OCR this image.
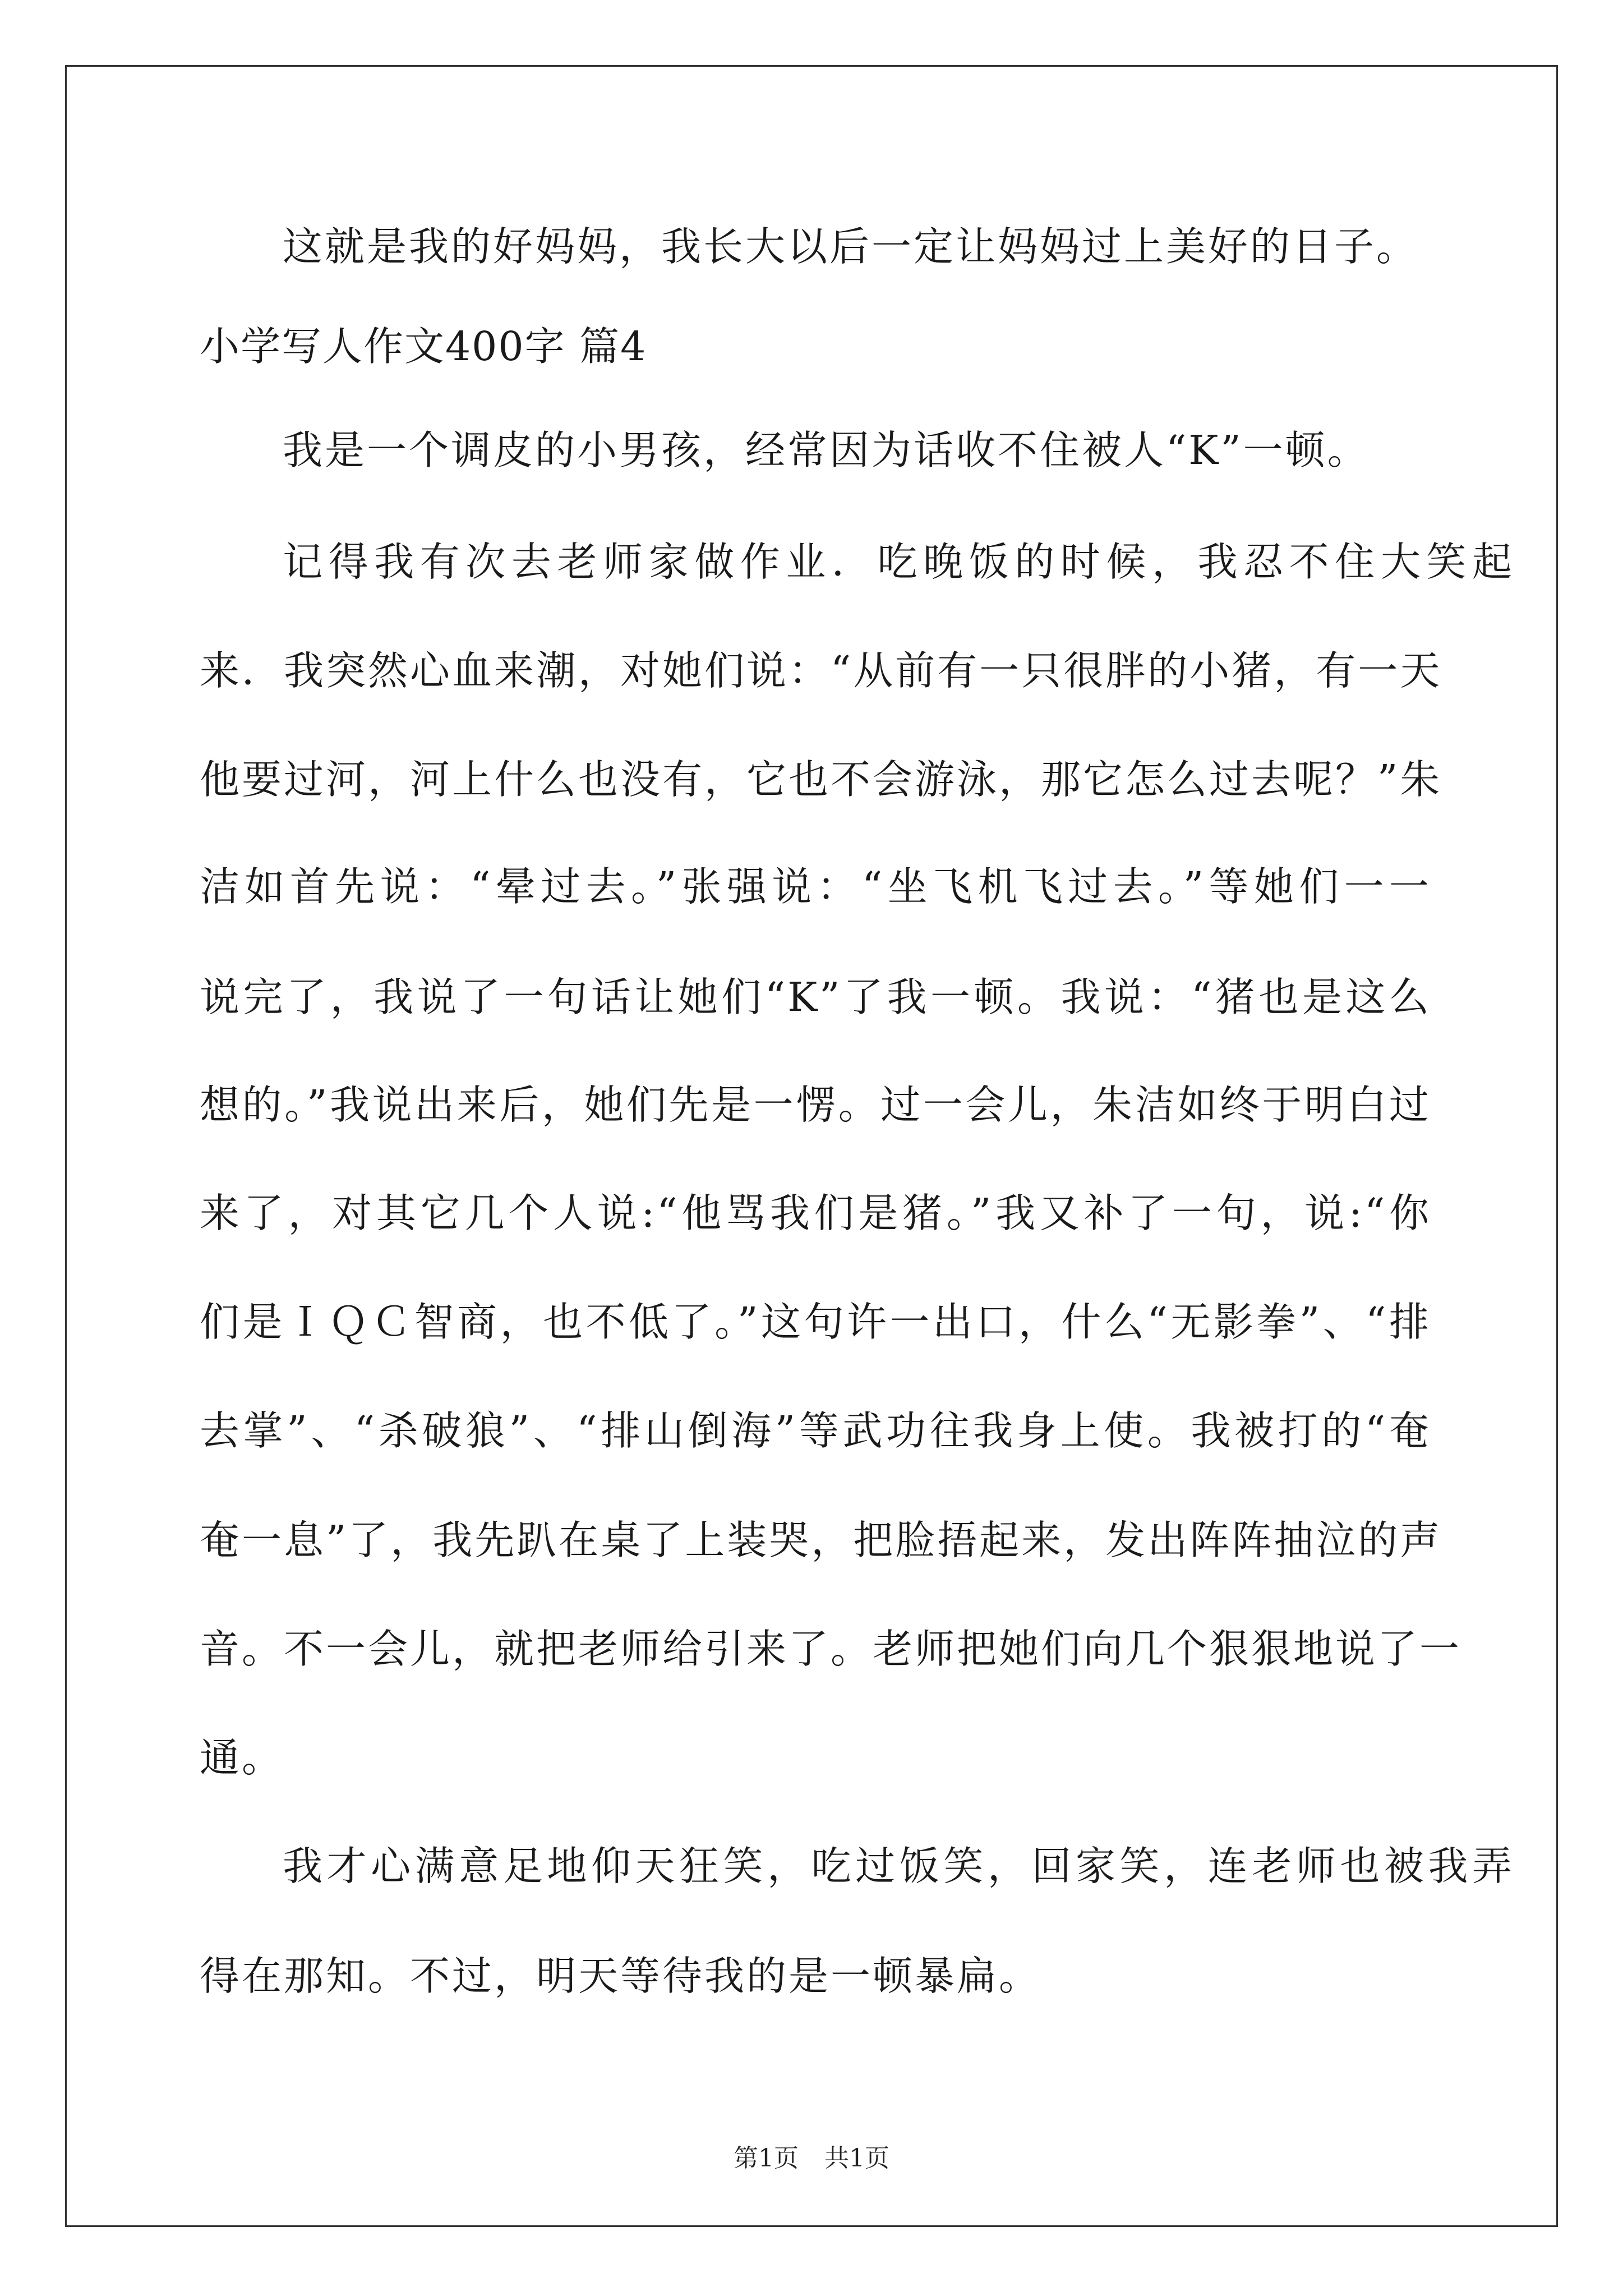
这就是我的好妈妈，我长大以后一定让妈妈过上美好的日子。
小学写人作文400字 篇4
我是一个调皮的小男孩，经常因为话收不住被人“K”一顿。
记得我有次去老师家做作业．吃晚饭的时候，我忍不住大笑起
来．我突然心血来潮，对她们说：“从前有一只很胖的小猪，有一天
他要过河，河上什么也没有，它也不会游泳，那它怎么过去呢？”朱
洁如首先说：“晕过去。”张强说：“坐飞机飞过去。”等她们一一
说完了，我说了一句话让她们“K”了我一顿。我说：“猪也是这么
想的。”我说出来后，她们先是一愣。过一会儿，朱洁如终于明白过
来了，对其它几个人说:“他骂我们是猪。”我又补了一句，说:“你
们是ＩＱＣ智商，也不低了。”这句许一出口，什么“无影拳”、“排
去掌”、“杀破狼”、“排山倒海”等武功往我身上使。我被打的“奄
奄一息”了，我先趴在桌了上装哭，把脸捂起来，发出阵阵抽泣的声
音。不一会儿，就把老师给引来了。老师把她们向几个狠狠地说了一
通。
我才心满意足地仰天狂笑，吃过饭笑，回家笑，连老师也被我弄
得在那知。不过，明天等待我的是一顿暴扁。
第1页 共1页
